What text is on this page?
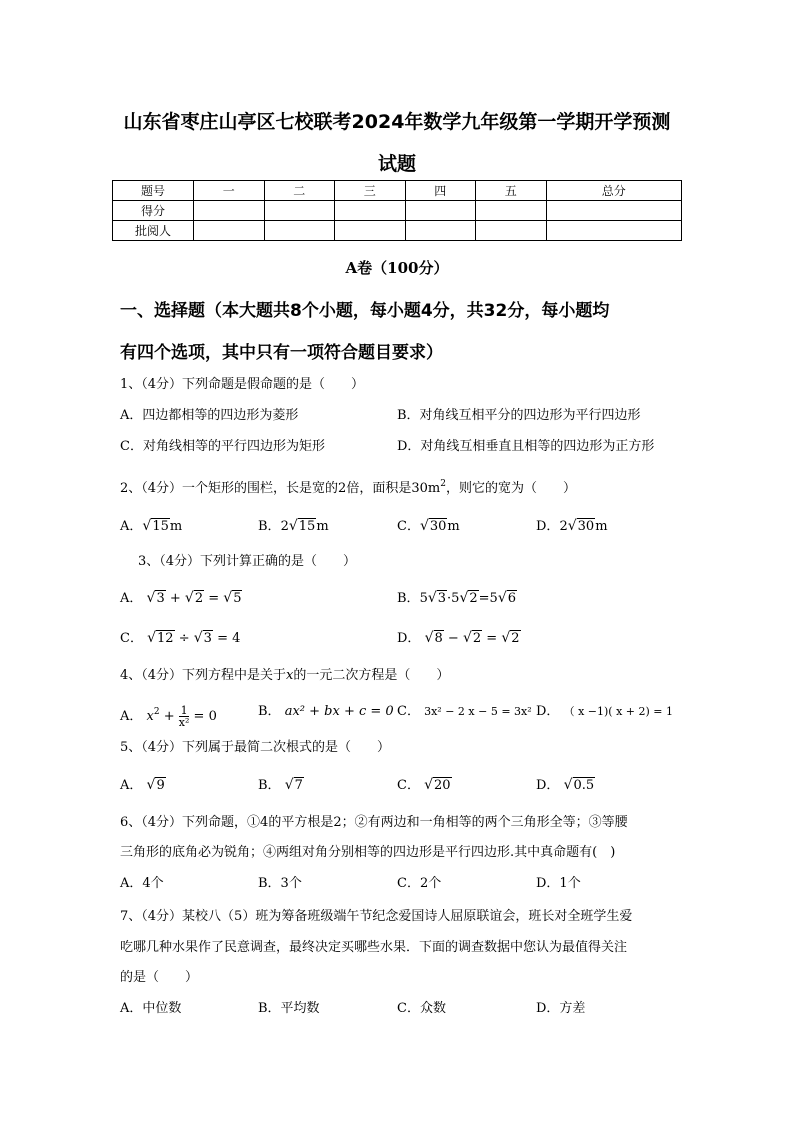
山东省枣庄山亭区七校联考2024年数学九年级第一学期开学预测
试题
题号	一	二	三	四	五	总分
得分						
批阅人						
A卷（100分）
一、选择题（本大题共8个小题，每小题4分，共32分，每小题均
有四个选项，其中只有一项符合题目要求）
1、（4分）下列命题是假命题的是（　　）
A．四边都相等的四边形为菱形	B．对角线互相平分的四边形为平行四边形
C．对角线相等的平行四边形为矩形	D．对角线互相垂直且相等的四边形为正方形
2、（4分）一个矩形的围栏，长是宽的2倍，面积是$30m^2$，则它的宽为（　　）
A．√15m	B．2√15m	C．√30m	D．2√30m
3、（4分）下列计算正确的是（　　）
A． √3 + √2 = √5	B．5√3·5√2=5√6
C． √12 ÷ √3 = 4	D． √8 − √2 = √2
4、（4分）下列方程中是关于x的一元二次方程是（　　）
A． $x^2 + \frac{1}{\text{x²}} = 0$	B． ax² + bx + c = 0 C． 3x² − 2 x − 5 = 3x² D． （ x −1)( x + 2) = 1
5、（4分）下列属于最简二次根式的是（　　）
A． √9	B． √7	C． √20	D． √0.5
6、（4分）下列命题，①4的平方根是2；②有两边和一角相等的两个三角形全等；③等腰
三角形的底角必为锐角；④两组对角分别相等的四边形是平行四边形.其中真命题有(　)
A．4个	B．3个	C．2个	D．1个
7、（4分）某校八（5）班为筹备班级端午节纪念爱国诗人屈原联谊会，班长对全班学生爱
吃哪几种水果作了民意调查，最终决定买哪些水果．下面的调查数据中您认为最值得关注
的是（　　）
A．中位数	B．平均数	C．众数	D．方差
